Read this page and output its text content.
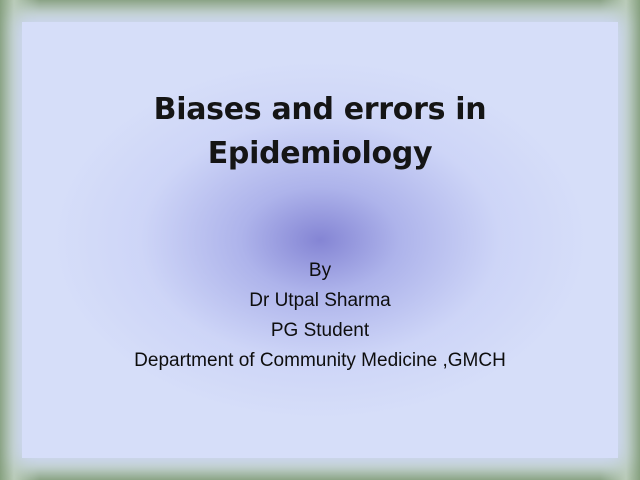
Biases and errors in
Epidemiology
By
Dr Utpal Sharma
PG Student
Department of Community Medicine ,GMCH
